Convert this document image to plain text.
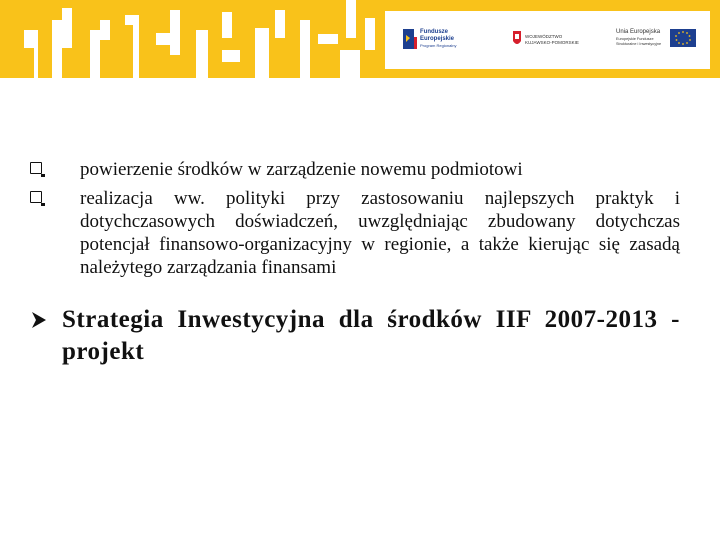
Fundusze
Europejskie
Program Regionalny
WOJEWÓDZTWO
KUJAWSKO-POMORSKIE
Unia Europejska
Europejskie Fundusze
Strukturalne i Inwestycyjne
powierzenie środków w zarządzenie nowemu podmiotowi
realizacja ww. polityki przy zastosowaniu najlepszych praktyk i dotychczasowych doświadczeń, uwzględniając zbudowany dotychczas potencjał finansowo-organizacyjny w regionie, a także kierując się zasadą należytego zarządzania finansami
Strategia Inwestycyjna dla środków IIF 2007-2013 - projekt
